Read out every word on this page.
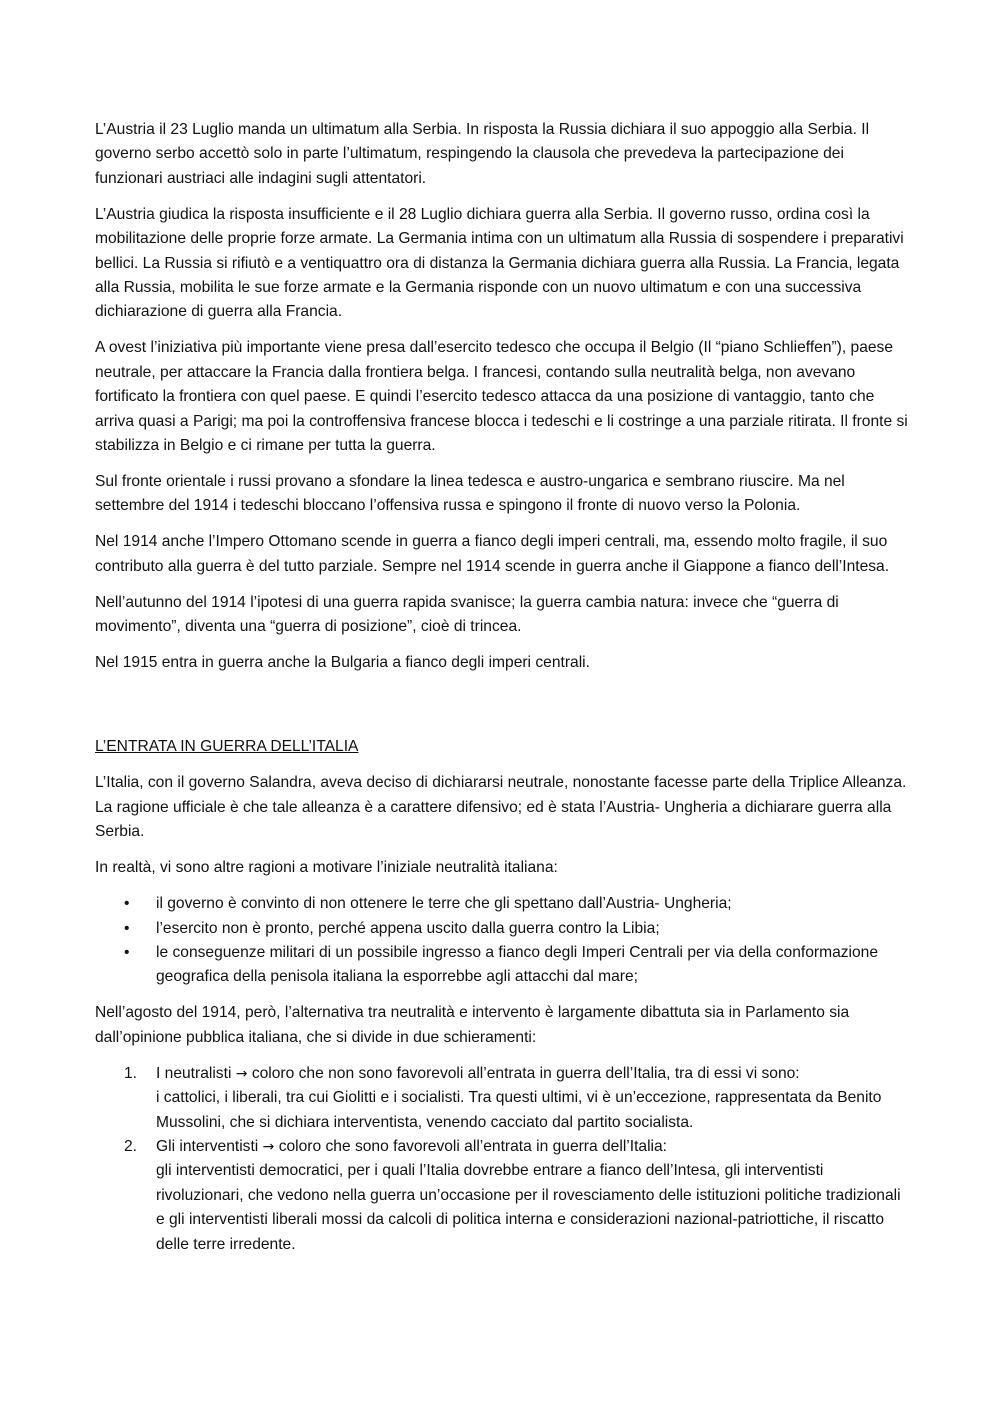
L’Austria il 23 Luglio manda un ultimatum alla Serbia. In risposta la Russia dichiara il suo appoggio alla Serbia. Il governo serbo accettò solo in parte l’ultimatum, respingendo la clausola che prevedeva la partecipazione dei funzionari austriaci alle indagini sugli attentatori.

L’Austria giudica la risposta insufficiente e il 28 Luglio dichiara guerra alla Serbia. Il governo russo, ordina così la mobilitazione delle proprie forze armate. La Germania intima con un ultimatum alla Russia di sospendere i preparativi bellici. La Russia si rifiutò e a ventiquattro ora di distanza la Germania dichiara guerra alla Russia. La Francia, legata alla Russia, mobilita le sue forze armate e la Germania risponde con un nuovo ultimatum e con una successiva dichiarazione di guerra alla Francia.

A ovest l’iniziativa più importante viene presa dall’esercito tedesco che occupa il Belgio (Il “piano Schlieffen”), paese neutrale, per attaccare la Francia dalla frontiera belga. I francesi, contando sulla neutralità belga, non avevano fortificato la frontiera con quel paese. E quindi l’esercito tedesco attacca da una posizione di vantaggio, tanto che arriva quasi a Parigi; ma poi la controffensiva francese blocca i tedeschi e li costringe a una parziale ritirata. Il fronte si stabilizza in Belgio e ci rimane per tutta la guerra.

Sul fronte orientale i russi provano a sfondare la linea tedesca e austro-ungarica e sembrano riuscire. Ma nel settembre del 1914 i tedeschi bloccano l’offensiva russa e spingono il fronte di nuovo verso la Polonia.

Nel 1914 anche l’Impero Ottomano scende in guerra a fianco degli imperi centrali, ma, essendo molto fragile, il suo contributo alla guerra è del tutto parziale. Sempre nel 1914 scende in guerra anche il Giappone a fianco dell’Intesa.

Nell’autunno del 1914 l’ipotesi di una guerra rapida svanisce; la guerra cambia natura: invece che “guerra di movimento”, diventa una “guerra di posizione”, cioè di trincea.

Nel 1915 entra in guerra anche la Bulgaria a fianco degli imperi centrali.

L’ENTRATA IN GUERRA DELL’ITALIA

L’Italia, con il governo Salandra, aveva deciso di dichiararsi neutrale, nonostante facesse parte della Triplice Alleanza. La ragione ufficiale è che tale alleanza è a carattere difensivo; ed è stata l’Austria- Ungheria a dichiarare guerra alla Serbia.

In realtà, vi sono altre ragioni a motivare l’iniziale neutralità italiana:

• il governo è convinto di non ottenere le terre che gli spettano dall’Austria- Ungheria;
• l’esercito non è pronto, perché appena uscito dalla guerra contro la Libia;
• le conseguenze militari di un possibile ingresso a fianco degli Imperi Centrali per via della conformazione geografica della penisola italiana la esporrebbe agli attacchi dal mare;

Nell’agosto del 1914, però, l’alternativa tra neutralità e intervento è largamente dibattuta sia in Parlamento sia dall’opinione pubblica italiana, che si divide in due schieramenti:

1. I neutralisti → coloro che non sono favorevoli all’entrata in guerra dell’Italia, tra di essi vi sono:
i cattolici, i liberali, tra cui Giolitti e i socialisti. Tra questi ultimi, vi è un’eccezione, rappresentata da Benito Mussolini, che si dichiara interventista, venendo cacciato dal partito socialista.
2. Gli interventisti → coloro che sono favorevoli all’entrata in guerra dell’Italia:
gli interventisti democratici, per i quali l’Italia dovrebbe entrare a fianco dell’Intesa, gli interventisti rivoluzionari, che vedono nella guerra un’occasione per il rovesciamento delle istituzioni politiche tradizionali e gli interventisti liberali mossi da calcoli di politica interna e considerazioni nazional-patriottiche, il riscatto delle terre irredente.
